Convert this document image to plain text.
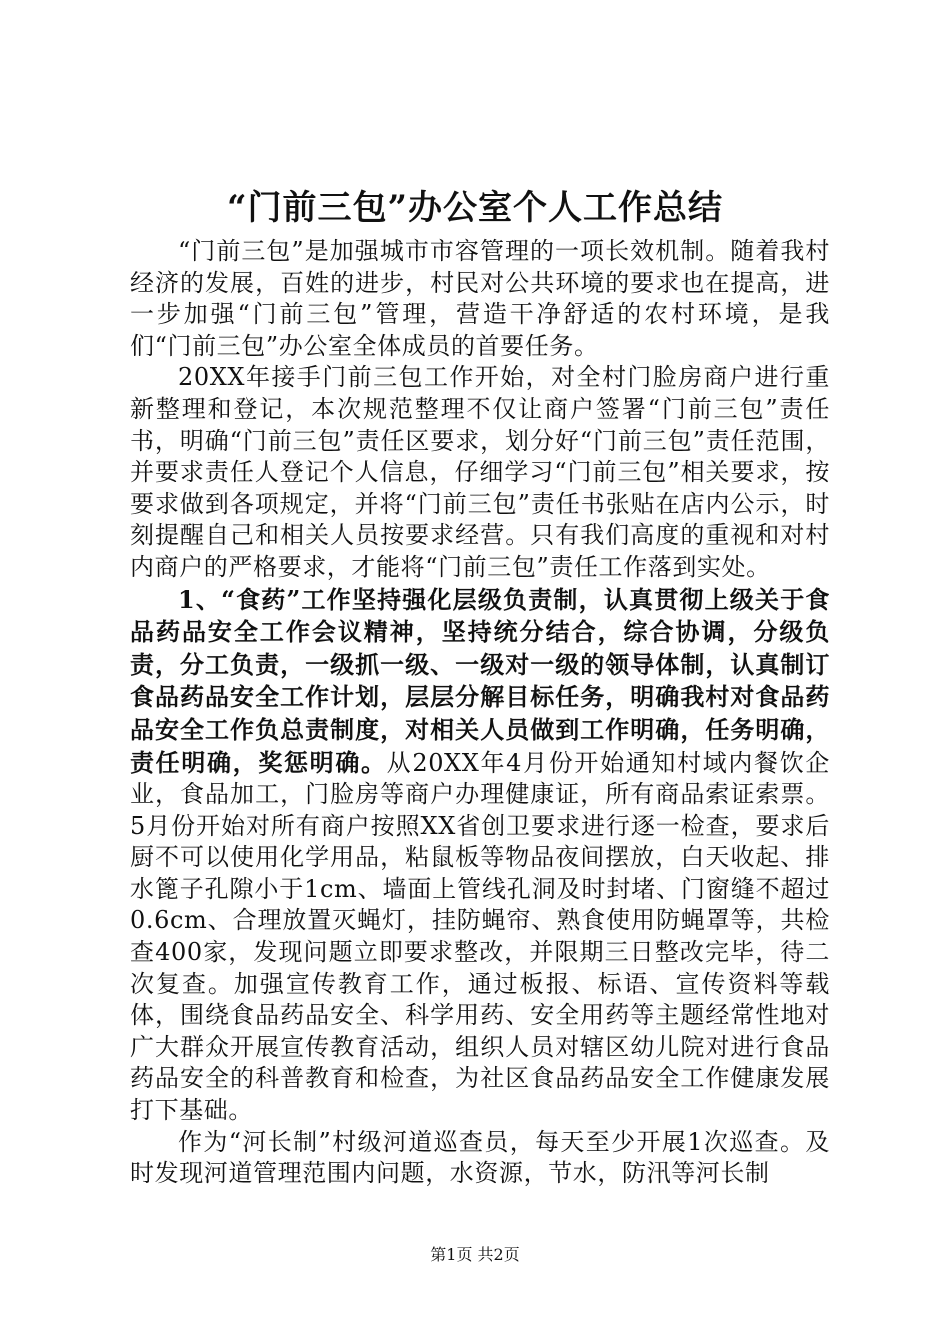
“门前三包”办公室个人工作总结

“门前三包”是加强城市市容管理的一项长效机制。随着我村经济的发展，百姓的进步，村民对公共环境的要求也在提高，进一步加强“门前三包”管理，营造干净舒适的农村环境，是我们“门前三包”办公室全体成员的首要任务。

20XX年接手门前三包工作开始，对全村门脸房商户进行重新整理和登记，本次规范整理不仅让商户签署“门前三包”责任书，明确“门前三包”责任区要求，划分好“门前三包”责任范围，并要求责任人登记个人信息，仔细学习“门前三包”相关要求，按要求做到各项规定，并将“门前三包”责任书张贴在店内公示，时刻提醒自己和相关人员按要求经营。只有我们高度的重视和对村内商户的严格要求，才能将“门前三包”责任工作落到实处。

1、“食药”工作坚持强化层级负责制，认真贯彻上级关于食品药品安全工作会议精神，坚持统分结合，综合协调，分级负责，分工负责，一级抓一级、一级对一级的领导体制，认真制订食品药品安全工作计划，层层分解目标任务，明确我村对食品药品安全工作负总责制度，对相关人员做到工作明确，任务明确，责任明确，奖惩明确。从20XX年4月份开始通知村域内餐饮企业，食品加工，门脸房等商户办理健康证，所有商品索证索票。5月份开始对所有商户按照XX省创卫要求进行逐一检查，要求后厨不可以使用化学用品，粘鼠板等物品夜间摆放，白天收起、排水篦子孔隙小于1cm、墙面上管线孔洞及时封堵、门窗缝不超过0.6cm、合理放置灭蝇灯，挂防蝇帘、熟食使用防蝇罩等，共检查400家，发现问题立即要求整改，并限期三日整改完毕，待二次复查。加强宣传教育工作，通过板报、标语、宣传资料等载体，围绕食品药品安全、科学用药、安全用药等主题经常性地对广大群众开展宣传教育活动，组织人员对辖区幼儿院对进行食品药品安全的科普教育和检查，为社区食品药品安全工作健康发展打下基础。

作为“河长制”村级河道巡查员，每天至少开展1次巡查。及时发现河道管理范围内问题，水资源，节水，防汛等河长制

第1页 共2页
